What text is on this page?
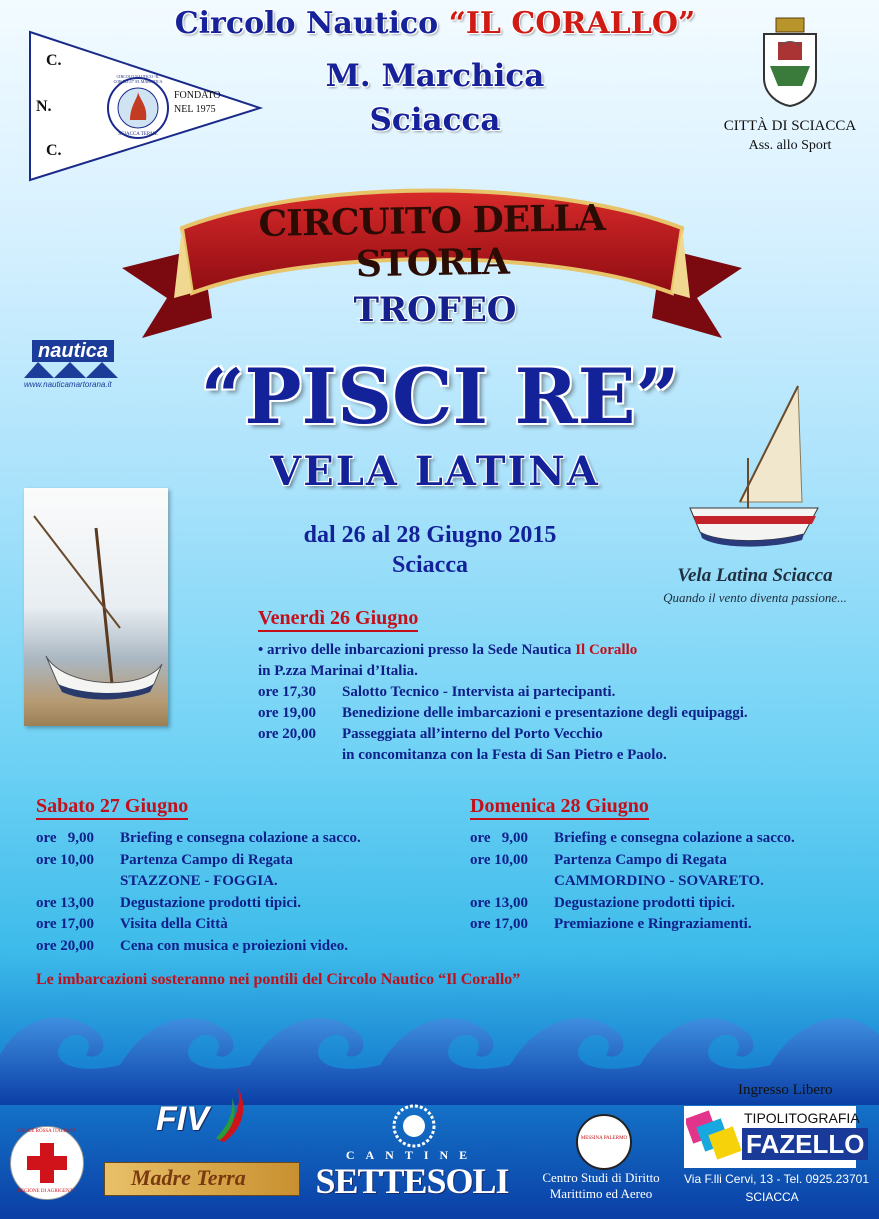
Circolo Nautico “IL CORALLO”
M. Marchica
Sciacca
C.
N.
C.
CIRCOLO NAUTICO “IL CORALLO” M. MARCHICA
SCIACCA TERME
FONDATO
NEL 1975
CITTÀ DI SCIACCA
Ass. allo Sport
CIRCUITO DELLA STORIA
TROFEO
nautica
www.nauticamartorana.it	“PISCI RE”
VELA LATINA
Vela Latina Sciacca
Quando il vento diventa passione...
dal 26 al 28 Giugno 2015
Sciacca
Venerdì 26 Giugno
• arrivo delle inbarcazioni presso la Sede Nautica Il Corallo
in P.zza Marinai d’Italia.
ore 17,30	Salotto Tecnico - Intervista ai partecipanti.
ore 19,00	Benedizione delle imbarcazioni e presentazione degli equipaggi.
ore 20,00	Passeggiata all’interno del Porto Vecchio
in concomitanza con la Festa di San Pietro e Paolo.
Sabato 27 Giugno
ore   9,00	Briefing e consegna colazione a sacco.
ore 10,00	Partenza Campo di Regata
STAZZONE - FOGGIA.
ore 13,00	Degustazione prodotti tipici.
ore 17,00	Visita della Città
ore 20,00	Cena con musica e proiezioni video.
Domenica 28 Giugno
ore   9,00	Briefing e consegna colazione a sacco.
ore 10,00	Partenza Campo di Regata
CAMMORDINO - SOVARETO.
ore 13,00	Degustazione prodotti tipici.
ore 17,00	Premiazione e Ringraziamenti.
Le imbarcazioni sosteranno nei pontili del Circolo Nautico “Il Corallo”
Ingresso Libero
CROCE ROSSA ITALIANA
REGIONE DI AGRIGENTO
FIV
Madre Terra
CANTINE
SETTESOLI
MESSINA PALERMO
Centro Studi di Diritto
Marittimo ed Aereo
TIPOLITOGRAFIA
FAZELLO
Via F.lli Cervi, 13 - Tel. 0925.23701
SCIACCA
